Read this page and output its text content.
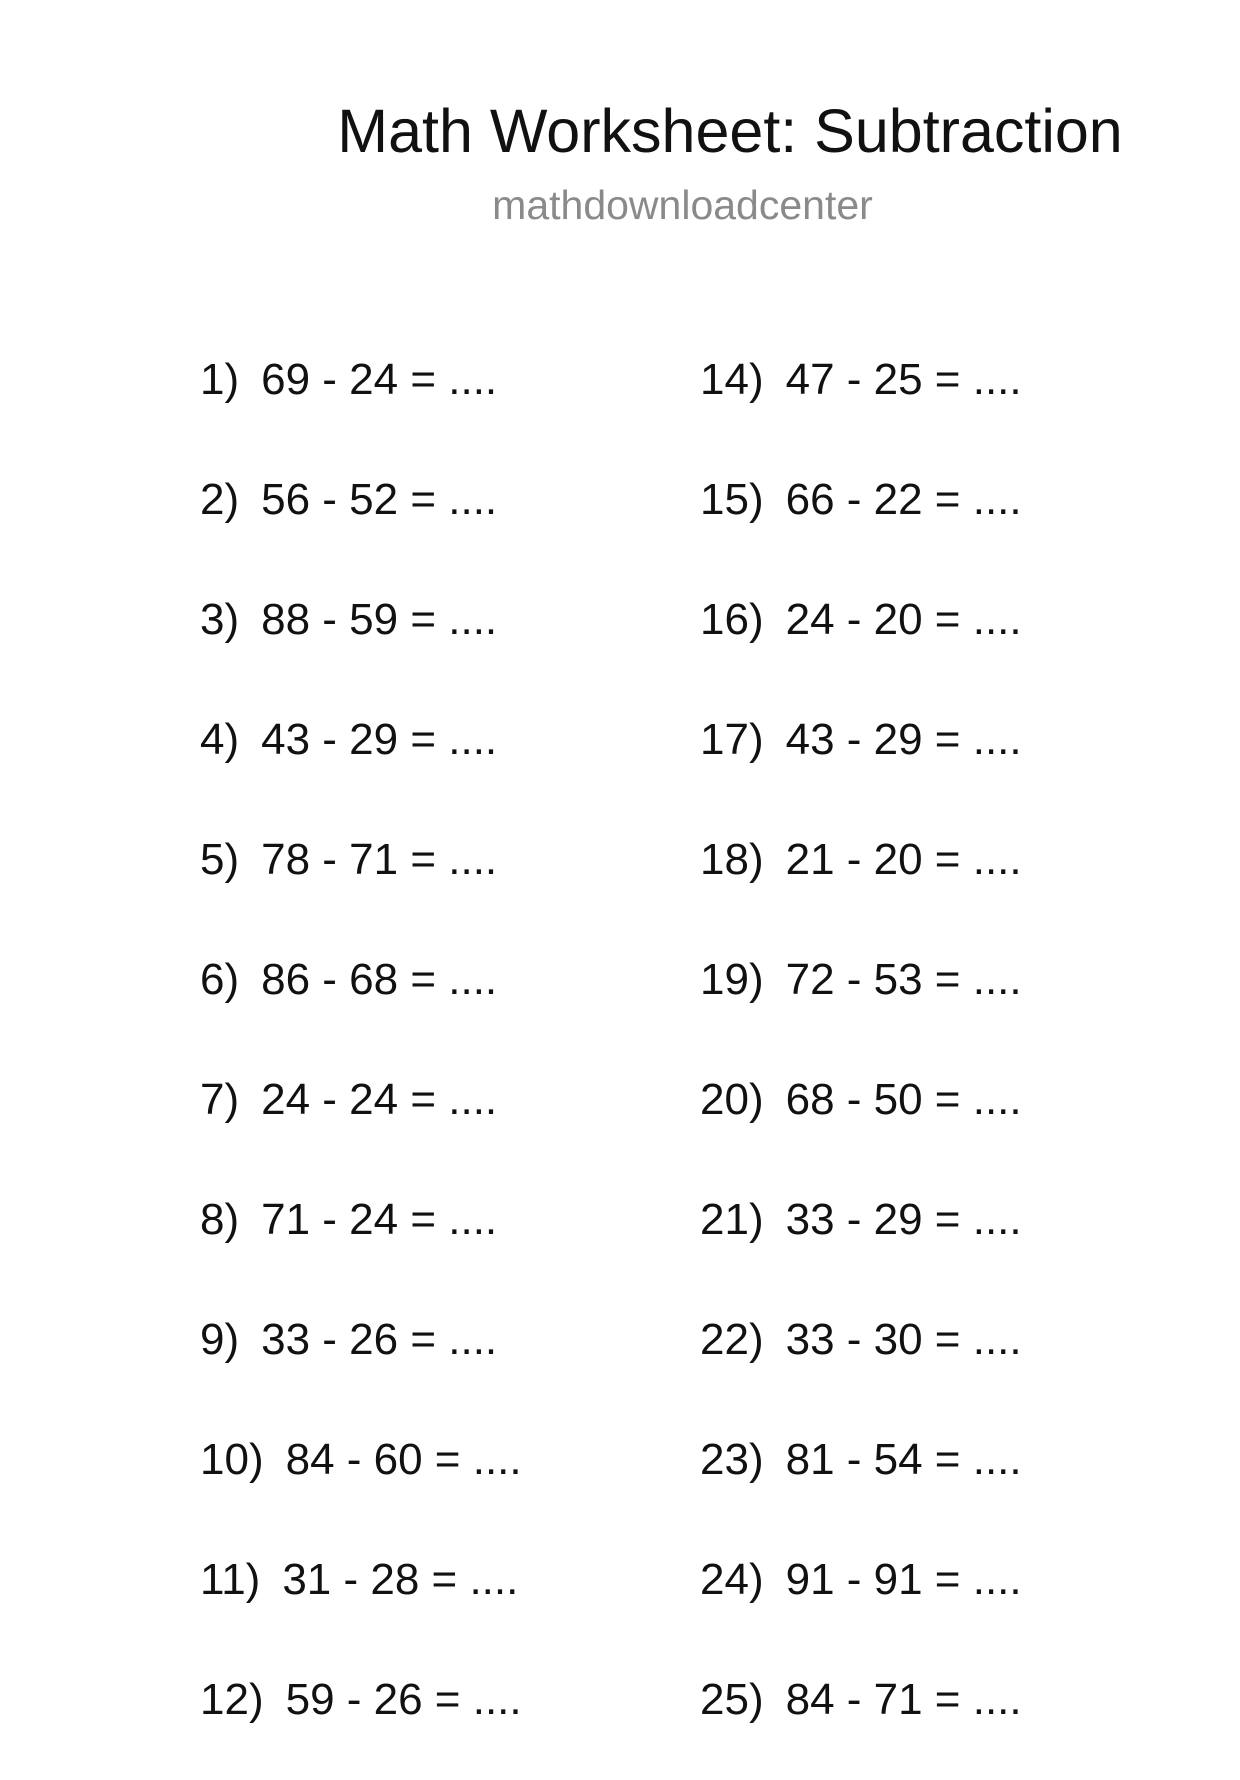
Math Worksheet: Subtraction
mathdownloadcenter
1) 69 - 24 = ....
2) 56 - 52 = ....
3) 88 - 59 = ....
4) 43 - 29 = ....
5) 78 - 71 = ....
6) 86 - 68 = ....
7) 24 - 24 = ....
8) 71 - 24 = ....
9) 33 - 26 = ....
10) 84 - 60 = ....
11) 31 - 28 = ....
12) 59 - 26 = ....
14) 47 - 25 = ....
15) 66 - 22 = ....
16) 24 - 20 = ....
17) 43 - 29 = ....
18) 21 - 20 = ....
19) 72 - 53 = ....
20) 68 - 50 = ....
21) 33 - 29 = ....
22) 33 - 30 = ....
23) 81 - 54 = ....
24) 91 - 91 = ....
25) 84 - 71 = ....
